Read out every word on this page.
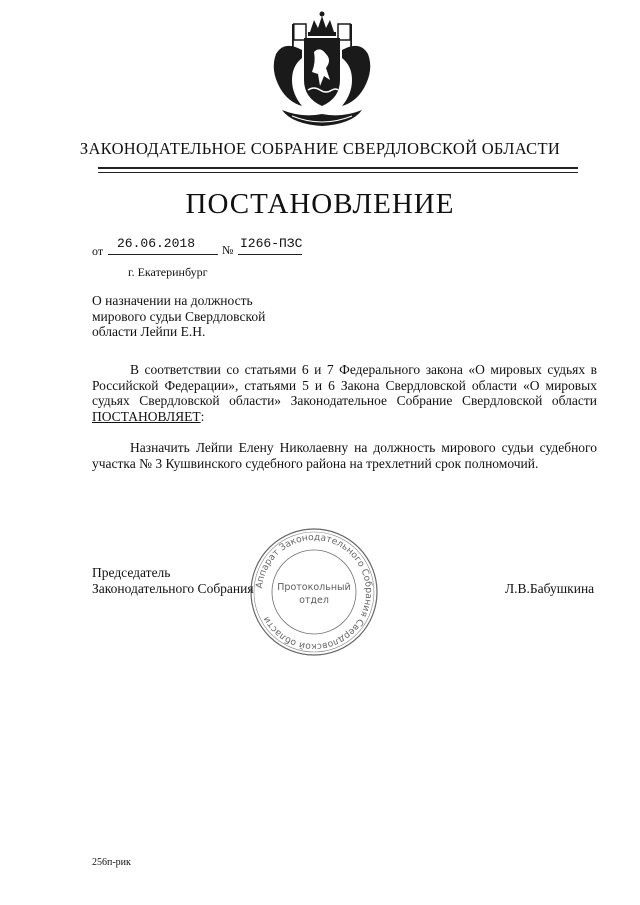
ЗАКОНОДАТЕЛЬНОЕ СОБРАНИЕ СВЕРДЛОВСКОЙ ОБЛАСТИ
ПОСТАНОВЛЕНИЕ
от 26.06.2018 № I266-ПЗС
г. Екатеринбург
О назначении на должность
мирового судьи Свердловской
области Лейпи Е.Н.
В соответствии со статьями 6 и 7 Федерального закона «О мировых судьях в Российской Федерации», статьями 5 и 6 Закона Свердловской области «О мировых судьях Свердловской области» Законодательное Собрание Свердловской области ПОСТАНОВЛЯЕТ:
Назначить Лейпи Елену Николаевну на должность мирового судьи судебного участка № 3 Кушвинского судебного района на трехлетний срок полномочий.
Председатель
Законодательного Собрания	Л.В.Бабушкина
Аппарат Законодательного Собрания Свердловской области
Протокольный
отдел
256п-рик
